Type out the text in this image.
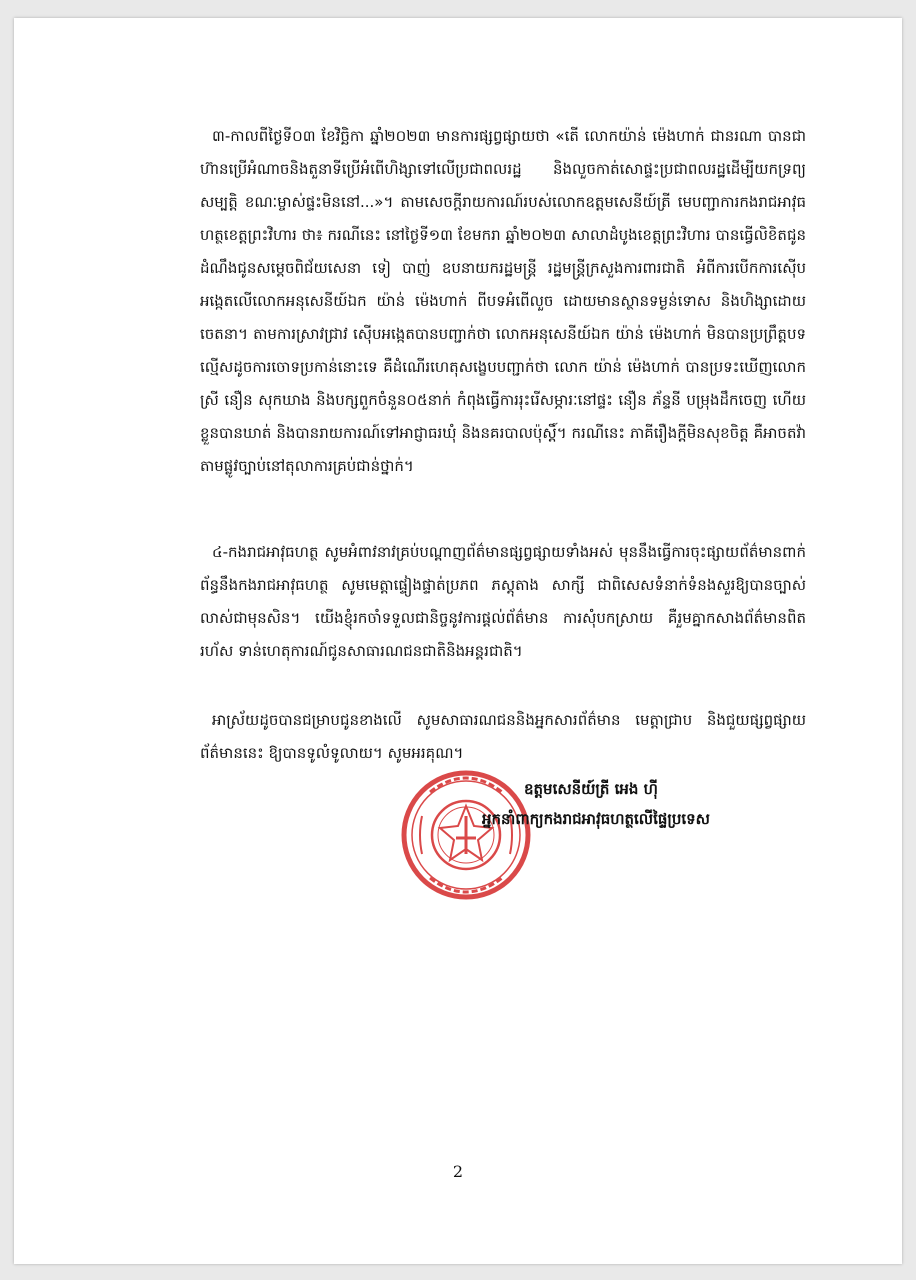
៣-កាលពីថ្ងៃទី០៣ ខែវិច្ឆិកា ឆ្នាំ២០២៣ មានការផ្សព្វផ្សាយថា «តើ លោកយ៉ាន់ ម៉េងហាក់ ជានរណា បានជាហ៊ានប្រើអំណាចនិងតួនាទីប្រើអំពើហិង្សាទៅលើប្រជាពលរដ្ឋ និងលួចកាត់សោផ្ទះប្រជាពលរដ្ឋដើម្បីយកទ្រព្យសម្បត្តិ ខណៈម្ចាស់ផ្ទះមិននៅ...»។ តាមសេចក្តីរាយការណ៍របស់លោកឧត្តមសេនីយ៍ត្រី មេបញ្ជាការកងរាជអាវុធហត្ថខេត្តព្រះវិហារ ថា៖ ករណីនេះ នៅថ្ងៃទី១៣ ខែមករា ឆ្នាំ២០២៣ សាលាដំបូងខេត្តព្រះវិហារ បានធ្វើលិខិតជូនដំណឹងជូនសម្តេចពិជ័យសេនា ទៀ បាញ់ ឧបនាយករដ្ឋមន្ត្រី រដ្ឋមន្ត្រីក្រសួងការពារជាតិ អំពីការបើកការស៊ើបអង្កេតលើលោកអនុសេនីយ៍ឯក យ៉ាន់ ម៉េងហាក់ ពីបទអំពើលួច ដោយមានស្ថានទម្ងន់ទោស និងហិង្សាដោយចេតនា។ តាមការស្រាវជ្រាវ ស៊ើបអង្កេតបានបញ្ជាក់ថា លោកអនុសេនីយ៍ឯក យ៉ាន់ ម៉េងហាក់ មិនបានប្រព្រឹត្តបទល្មើសដូចការចោទប្រកាន់នោះទេ គឺដំណើរហេតុសង្ខេបបញ្ជាក់ថា លោក យ៉ាន់ ម៉េងហាក់ បានប្រទះឃើញលោកស្រី នឿន សុកឃាង និងបក្សពួកចំនួន០៥នាក់ កំពុងធ្វើការរុះរើសម្ភារៈនៅផ្ទះ នឿន ភ័ន្ទនី បម្រុងដឹកចេញ ហើយខ្លួនបានឃាត់ និងបានរាយការណ៍ទៅអាជ្ញាធរឃុំ និងនគរបាលប៉ុស្តិ៍។ ករណីនេះ ភាគីរឿងក្តីមិនសុខចិត្ត គឺអាចតវ៉ាតាមផ្លូវច្បាប់នៅតុលាការគ្រប់ជាន់ថ្នាក់។

៤-កងរាជអាវុធហត្ថ សូមអំពាវនាវគ្រប់បណ្តាញព័ត៌មានផ្សព្វផ្សាយទាំងអស់ មុននឹងធ្វើការចុះផ្សាយព័ត៌មានពាក់ព័ន្ធនឹងកងរាជអាវុធហត្ថ សូមមេត្តាផ្ទៀងផ្ទាត់ប្រភព ភស្តុតាង សាក្សី ជាពិសេសទំនាក់ទំនងសួរឱ្យបានច្បាស់លាស់ជាមុនសិន។ យើងខ្ញុំរកចាំទទួលជានិច្ចនូវការផ្តល់ព័ត៌មាន ការសុំបកស្រាយ គឺរួមគ្នាកសាងព័ត៌មានពិត រហ័ស ទាន់ហេតុការណ៍ជូនសាធារណជនជាតិនិងអន្តរជាតិ។

អាស្រ័យដូចបានជម្រាបជូនខាងលើ សូមសាធារណជននិងអ្នកសារព័ត៌មាន មេត្តាជ្រាប និងជួយផ្សព្វផ្សាយព័ត៌មាននេះ ឱ្យបានទូលំទូលាយ។ សូមអរគុណ។

ឧត្តមសេនីយ៍ត្រី អេង ហ៊ី
អ្នកនាំពាក្យកងរាជអាវុធហត្ថលើផ្ទៃប្រទេស
2
